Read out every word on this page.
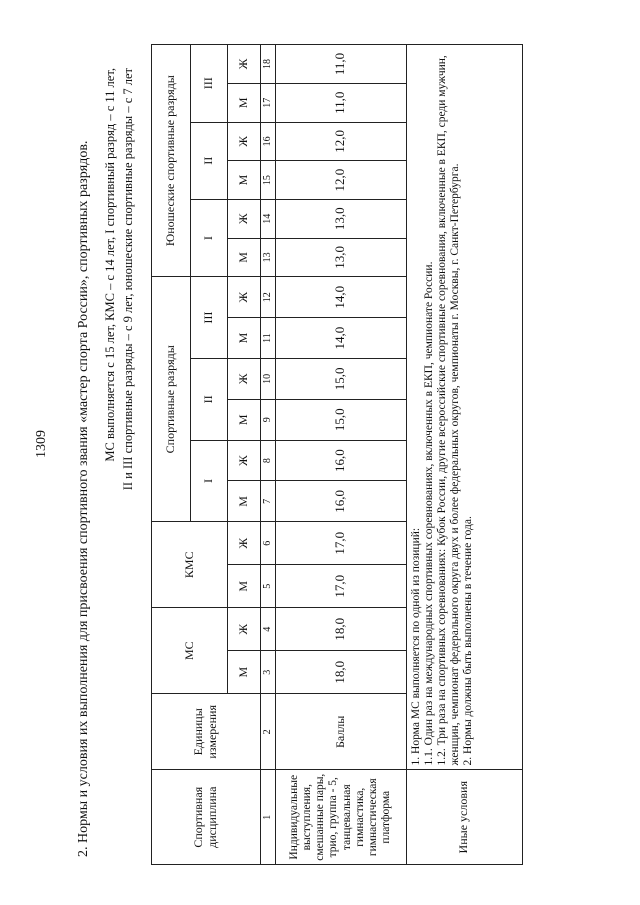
1309 2. Нормы и условия их выполнения для присвоения спортивного звания «мастер спорта России», спортивных разрядов. МС выполняется с 15 лет, КМС – с 14 лет, I спортивный разряд – с 11 лет, II и III спортивные разряды – с 9 лет, юношеские спортивные разряды – с 7 лет
Спортивная дисциплина	Единицы измерения	МС		КМС		Спортивные разряды						Юношеские спортивные разряды					
						I		II		III		I		II		III	
		М	Ж	М	Ж	М	Ж	М	Ж	М	Ж	М	Ж	М	Ж	М	Ж
1	2	3	4	5	6	7	8	9	10	11	12	13	14	15	16	17	18
Индивидуальные выступления, смешанные пары, трио, группа - 5, танцевальная гимнастика, гимнастическая платформа	Баллы	18,0	18,0	17,0	17,0	16,0	16,0	15,0	15,0	14,0	14,0	13,0	13,0	12,0	12,0	11,0	11,0
Иные условия	1. Норма МС выполняется по одной из позиций: 1.1. Один раз на международных спортивных соревнованиях, включенных в ЕКП, чемпионате России. 1.2. Три раза на спортивных соревнованиях: Кубок России, другие всероссийские спортивные соревнования, включенные в ЕКП, среди мужчин, женщин, чемпионат федерального округа двух и более федеральных округов, чемпионаты г. Москвы, г. Санкт-Петербурга. 2. Нормы должны быть выполнены в течение года.																
